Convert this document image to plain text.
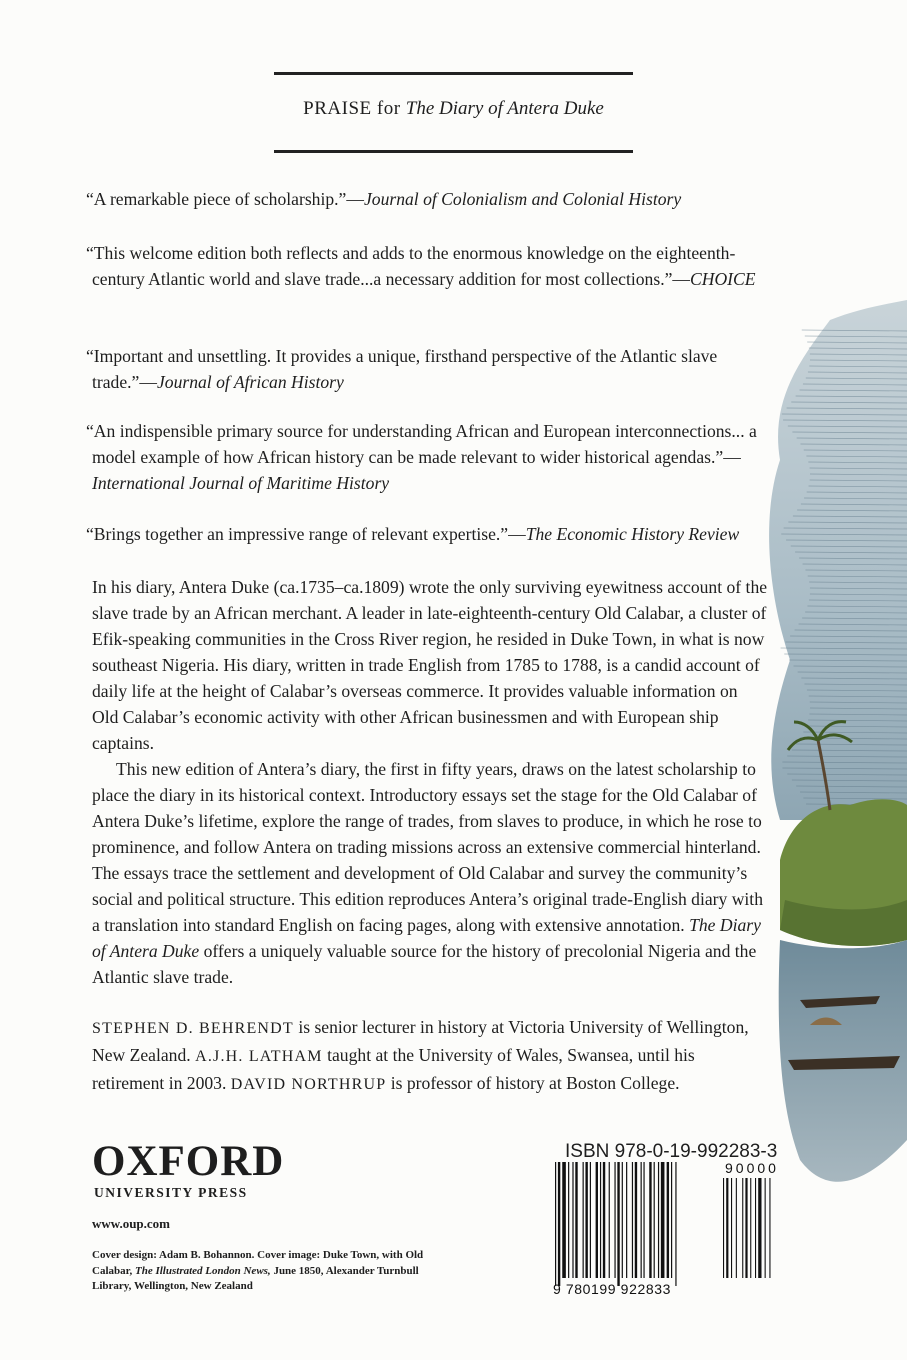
PRAISE for The Diary of Antera Duke
“A remarkable piece of scholarship.”—Journal of Colonialism and Colonial History
“This welcome edition both reflects and adds to the enormous knowledge on the eighteenth-century Atlantic world and slave trade...a necessary addition for most collections.”—CHOICE
“Important and unsettling. It provides a unique, firsthand perspective of the Atlantic slave trade.”—Journal of African History
“An indispensible primary source for understanding African and European interconnections... a model example of how African history can be made relevant to wider historical agendas.”—International Journal of Maritime History
“Brings together an impressive range of relevant expertise.”—The Economic History Review

In his diary, Antera Duke (ca.1735–ca.1809) wrote the only surviving eyewitness account of the slave trade by an African merchant. A leader in late-eighteenth-century Old Calabar, a cluster of Efik-speaking communities in the Cross River region, he resided in Duke Town, in what is now southeast Nigeria. His diary, written in trade English from 1785 to 1788, is a candid account of daily life at the height of Calabar’s overseas commerce. It provides valuable information on Old Calabar’s economic activity with other African businessmen and with European ship captains.

This new edition of Antera’s diary, the first in fifty years, draws on the latest scholarship to place the diary in its historical context. Introductory essays set the stage for the Old Calabar of Antera Duke’s lifetime, explore the range of trades, from slaves to produce, in which he rose to prominence, and follow Antera on trading missions across an extensive commercial hinterland. The essays trace the settlement and development of Old Calabar and survey the community’s social and political structure. This edition reproduces Antera’s original trade-English diary with a translation into standard English on facing pages, along with extensive annotation. The Diary of Antera Duke offers a uniquely valuable source for the history of precolonial Nigeria and the Atlantic slave trade.

STEPHEN D. BEHRENDT is senior lecturer in history at Victoria University of Wellington, New Zealand. A.J.H. LATHAM taught at the University of Wales, Swansea, until his retirement in 2003. DAVID NORTHRUP is professor of history at Boston College.
OXFORD
UNIVERSITY PRESS
www.oup.com
Cover design: Adam B. Bohannon. Cover image: Duke Town, with Old Calabar, The Illustrated London News, June 1850, Alexander Turnbull Library, Wellington, New Zealand
ISBN 978-0-19-992283-3
9 780199 922833
90000
